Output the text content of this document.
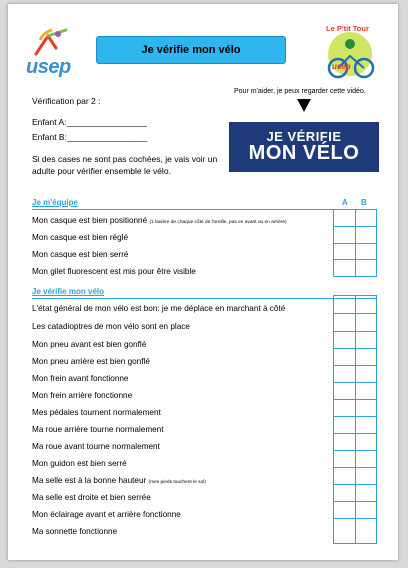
usep
Je vérifie mon vélo
Le P'tit Tour
usep
Vérification par 2 :
Enfant A:_________________
Enfant B:_________________
Si des cases ne sont pas cochées, je vais voir un adulte pour vérifier ensemble le vélo.
Pour m'aider, je peux regarder cette vidéo.
JE VÉRIFIE
MON VÉLO
Je m'équipe	A B
Mon casque est bien positionné (1 lanière de chaque côté de l'oreille, pas en avant ou en arrière)
Mon casque est bien réglé
Mon casque est bien serré
Mon gilet fluorescent est mis pour être visible
Je vérifie mon vélo
L'état général de mon vélo est bon: je me déplace en marchant à côté
Les catadioptres de mon vélo sont en place
Mon pneu avant est bien gonflé
Mon pneu arrière est bien gonflé
Mon frein avant fonctionne
Mon frein arrière fonctionne
Mes pédales tournent normalement
Ma roue arrière tourne normalement
Ma roue avant tourne normalement
Mon guidon est bien serré
Ma selle est à la bonne hauteur (mes pieds touchent le sol)
Ma selle est droite et bien serrée
Mon éclairage avant et arrière fonctionne
Ma sonnette fonctionne
